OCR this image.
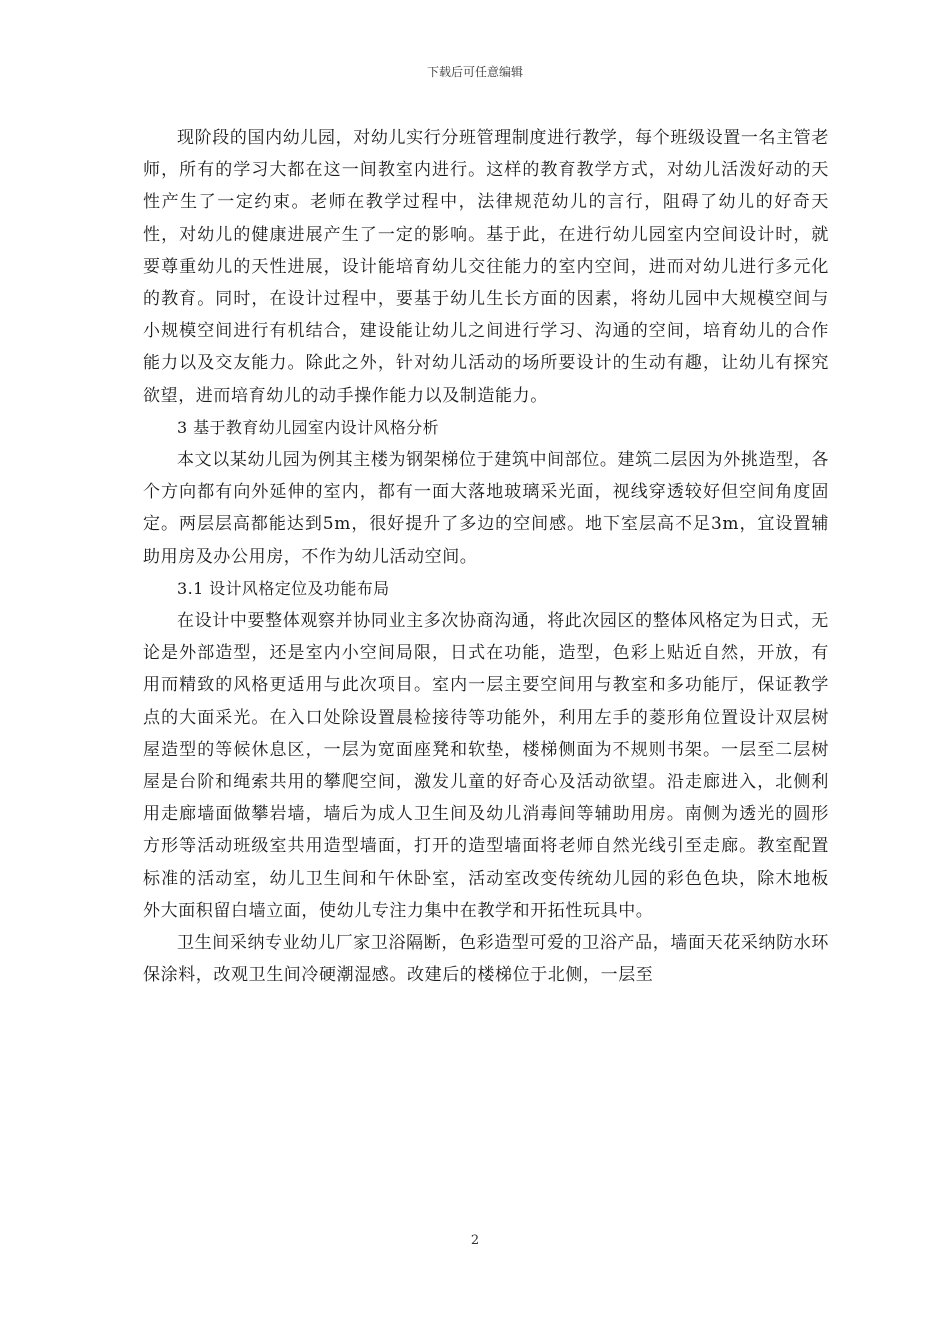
下载后可任意编辑

现阶段的国内幼儿园，对幼儿实行分班管理制度进行教学，每个班级设置一名主管老师，所有的学习大都在这一间教室内进行。这样的教育教学方式，对幼儿活泼好动的天性产生了一定约束。老师在教学过程中，法律规范幼儿的言行，阻碍了幼儿的好奇天性，对幼儿的健康进展产生了一定的影响。基于此，在进行幼儿园室内空间设计时，就要尊重幼儿的天性进展，设计能培育幼儿交往能力的室内空间，进而对幼儿进行多元化的教育。同时，在设计过程中，要基于幼儿生长方面的因素，将幼儿园中大规模空间与小规模空间进行有机结合，建设能让幼儿之间进行学习、沟通的空间，培育幼儿的合作能力以及交友能力。除此之外，针对幼儿活动的场所要设计的生动有趣，让幼儿有探究欲望，进而培育幼儿的动手操作能力以及制造能力。

3 基于教育幼儿园室内设计风格分析

本文以某幼儿园为例其主楼为钢架梯位于建筑中间部位。建筑二层因为外挑造型，各个方向都有向外延伸的室内，都有一面大落地玻璃采光面，视线穿透较好但空间角度固定。两层层高都能达到5m，很好提升了多边的空间感。地下室层高不足3m，宜设置辅助用房及办公用房，不作为幼儿活动空间。

3.1 设计风格定位及功能布局

在设计中要整体观察并协同业主多次协商沟通，将此次园区的整体风格定为日式，无论是外部造型，还是室内小空间局限，日式在功能，造型，色彩上贴近自然，开放，有用而精致的风格更适用与此次项目。室内一层主要空间用与教室和多功能厅，保证教学点的大面采光。在入口处除设置晨检接待等功能外，利用左手的菱形角位置设计双层树屋造型的等候休息区，一层为宽面座凳和软垫，楼梯侧面为不规则书架。一层至二层树屋是台阶和绳索共用的攀爬空间，激发儿童的好奇心及活动欲望。沿走廊进入，北侧利用走廊墙面做攀岩墙，墙后为成人卫生间及幼儿消毒间等辅助用房。南侧为透光的圆形方形等活动班级室共用造型墙面，打开的造型墙面将老师自然光线引至走廊。教室配置标准的活动室，幼儿卫生间和午休卧室，活动室改变传统幼儿园的彩色色块，除木地板外大面积留白墙立面，使幼儿专注力集中在教学和开拓性玩具中。

卫生间采纳专业幼儿厂家卫浴隔断，色彩造型可爱的卫浴产品，墙面天花采纳防水环保涂料，改观卫生间冷硬潮湿感。改建后的楼梯位于北侧，一层至

2
